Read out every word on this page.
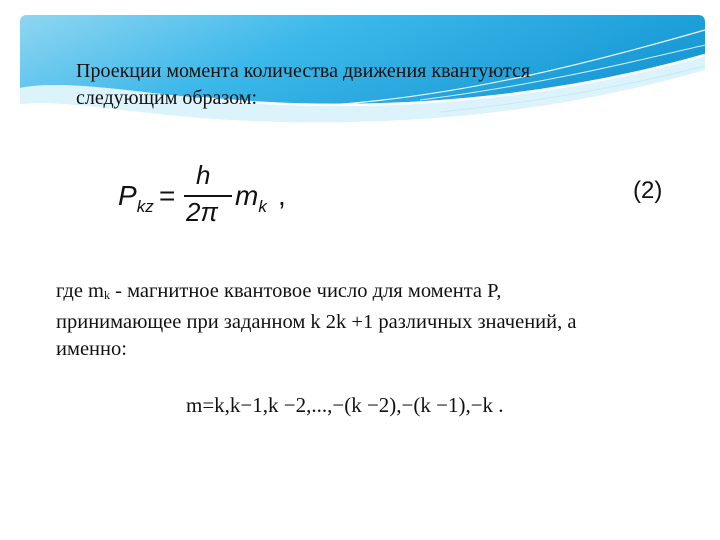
Проекции момента количества движения квантуются
следующим образом:
$P_{kz}$ =
h
2π
$m_k$ ,	(2)
где $m_k$ - магнитное квантовое число для момента P,
принимающее при заданном k 2k +1 различных значений, а
именно:
m=k,k−1,k −2,...,−(k −2),−(k −1),−k .
